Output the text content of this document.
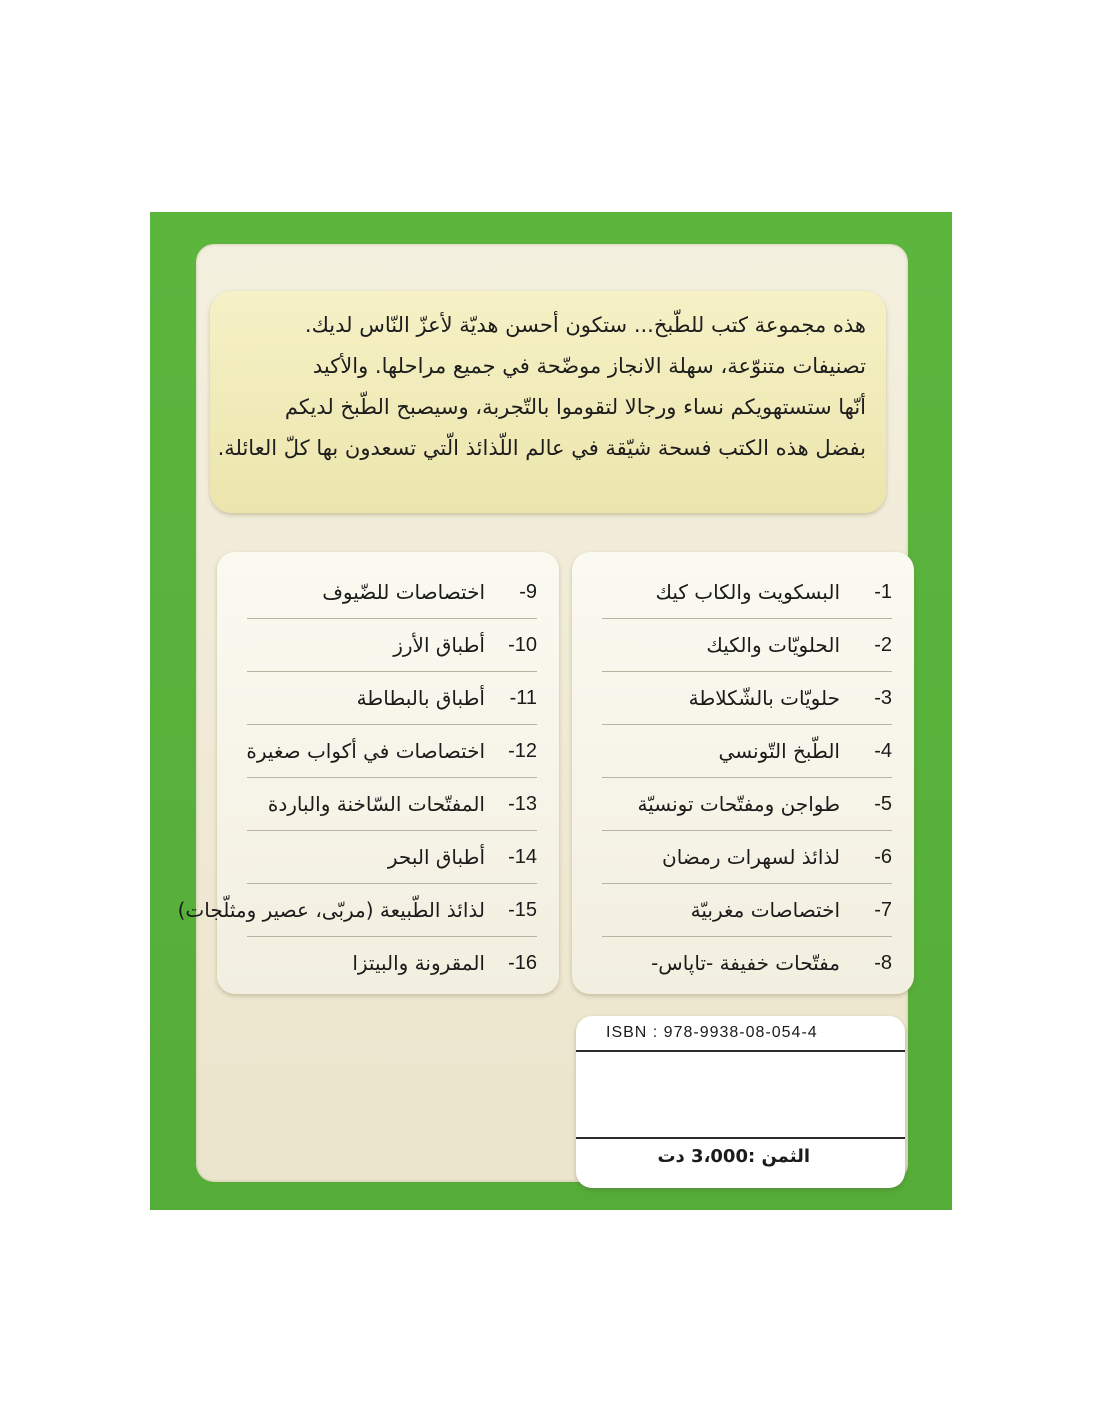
هذه مجموعة كتب للطّبخ... ستكون أحسن هديّة لأعزّ النّاس لديك.
تصنيفات متنوّعة، سهلة الانجاز موضّحة في جميع مراحلها. والأكيد
أنّها ستستهويكم نساء ورجالا لتقوموا بالتّجربة، وسيصبح الطّبخ لديكم
بفضل هذه الكتب فسحة شيّقة في عالم اللّذائذ الّتي تسعدون بها كلّ العائلة.
1-
البسكويت والكاب كيك
2-
الحلويّات والكيك
3-
حلويّات بالشّكلاطة
4-
الطّبخ التّونسي
5-
طواجن ومفتّحات تونسيّة
6-
لذائذ لسهرات رمضان
7-
اختصاصات مغربيّة
8-
مفتّحات خفيفة -تاپاس-
9-
اختصاصات للضّيوف
10-
أطباق الأرز
11-
أطباق بالبطاطة
12-
اختصاصات في أكواب صغيرة
13-
المفتّحات السّاخنة والباردة
14-
أطباق البحر
15-
لذائذ الطّبيعة (مربّى، عصير ومثلّجات)
16-
المقرونة والبيتزا
ISBN : 978-9938-08-054-4
الثمن :3،000 دت
